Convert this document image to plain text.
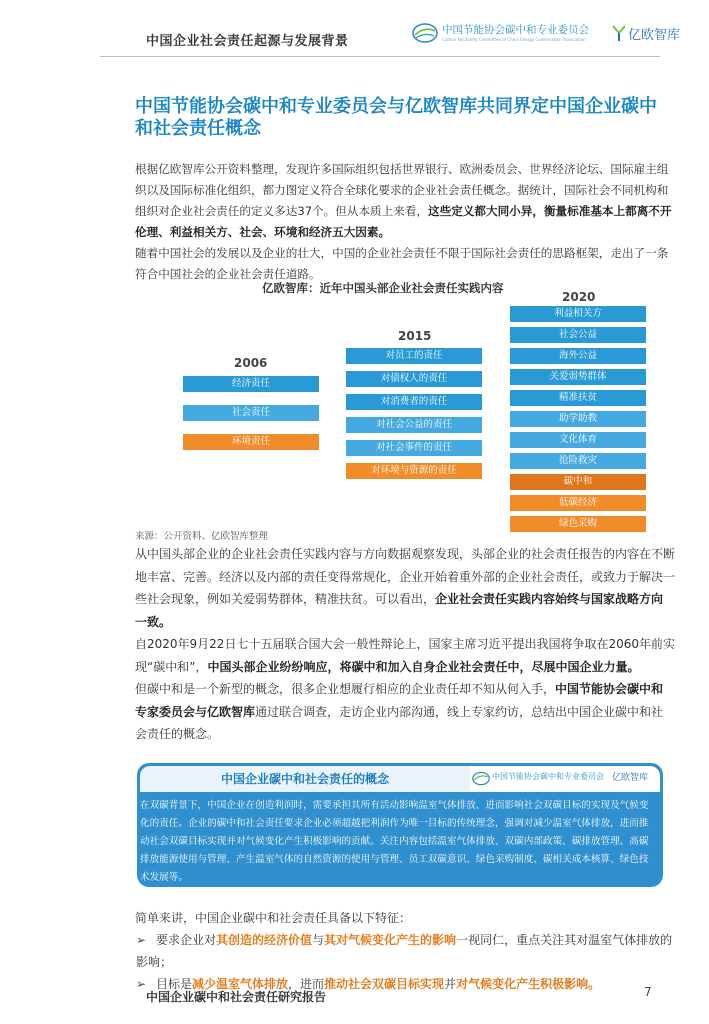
中国企业社会责任起源与发展背景
中国节能协会碳中和专业委员会
Carbon Neutrality Committee of China Energy Conservation Association	亿欧智库
中国节能协会碳中和专业委员会与亿欧智库共同界定中国企业碳中和社会责任概念
根据亿欧智库公开资料整理，发现许多国际组织包括世界银行、欧洲委员会、世界经济论坛、国际雇主组织以及国际标准化组织，都力图定义符合全球化要求的企业社会责任概念。据统计，国际社会不同机构和组织对企业社会责任的定义多达37个。但从本质上来看，这些定义都大同小异，衡量标准基本上都离不开伦理、利益相关方、社会、环境和经济五大因素。
随着中国社会的发展以及企业的壮大，中国的企业社会责任不限于国际社会责任的思路框架，走出了一条符合中国社会的企业社会责任道路。
亿欧智库：近年中国头部企业社会责任实践内容
2006
经济责任
社会责任
环境责任
2015
对员工的责任
对债权人的责任
对消费者的责任
对社会公益的责任
对社会事件的责任
对环境与资源的责任
2020
利益相关方
社会公益
海外公益
关爱弱势群体
精准扶贫
助学助教
文化体育
抢险救灾
碳中和
低碳经济
绿色采购
来源：公开资料、亿欧智库整理
从中国头部企业的企业社会责任实践内容与方向数据观察发现，头部企业的社会责任报告的内容在不断地丰富、完善。经济以及内部的责任变得常规化，企业开始着重外部的企业社会责任，或致力于解决一些社会现象，例如关爱弱势群体，精准扶贫。可以看出，企业社会责任实践内容始终与国家战略方向一致。
自2020年9月22日七十五届联合国大会一般性辩论上，国家主席习近平提出我国将争取在2060年前实现“碳中和”，中国头部企业纷纷响应，将碳中和加入自身企业社会责任中，尽展中国企业力量。
但碳中和是一个新型的概念，很多企业想履行相应的企业责任却不知从何入手，中国节能协会碳中和专家委员会与亿欧智库通过联合调查，走访企业内部沟通，线上专家约访，总结出中国企业碳中和社会责任的概念。
中国企业碳中和社会责任的概念	中国节能协会碳中和专业委员会 亿欧智库
在双碳背景下，中国企业在创造利润时，需要承担其所有活动影响温室气体排放、进而影响社会双碳目标的实现及气候变化的责任。企业的碳中和社会责任要求企业必须超越把利润作为唯一目标的传统理念，强调对减少温室气体排放，进而推动社会双碳目标实现并对气候变化产生积极影响的贡献。关注内容包括温室气体排放、双碳内部政策、碳排放管理、高碳排放能源使用与管理、产生温室气体的自然资源的使用与管理、员工双碳意识、绿色采购制度、碳相关成本核算、绿色技术发展等。
简单来讲，中国企业碳中和社会责任具备以下特征：
➢ 要求企业对其创造的经济价值与其对气候变化产生的影响一视同仁，重点关注其对温室气体排放的影响；
➢ 目标是减少温室气体排放，进而推动社会双碳目标实现并对气候变化产生积极影响。
中国企业碳中和社会责任研究报告	7
